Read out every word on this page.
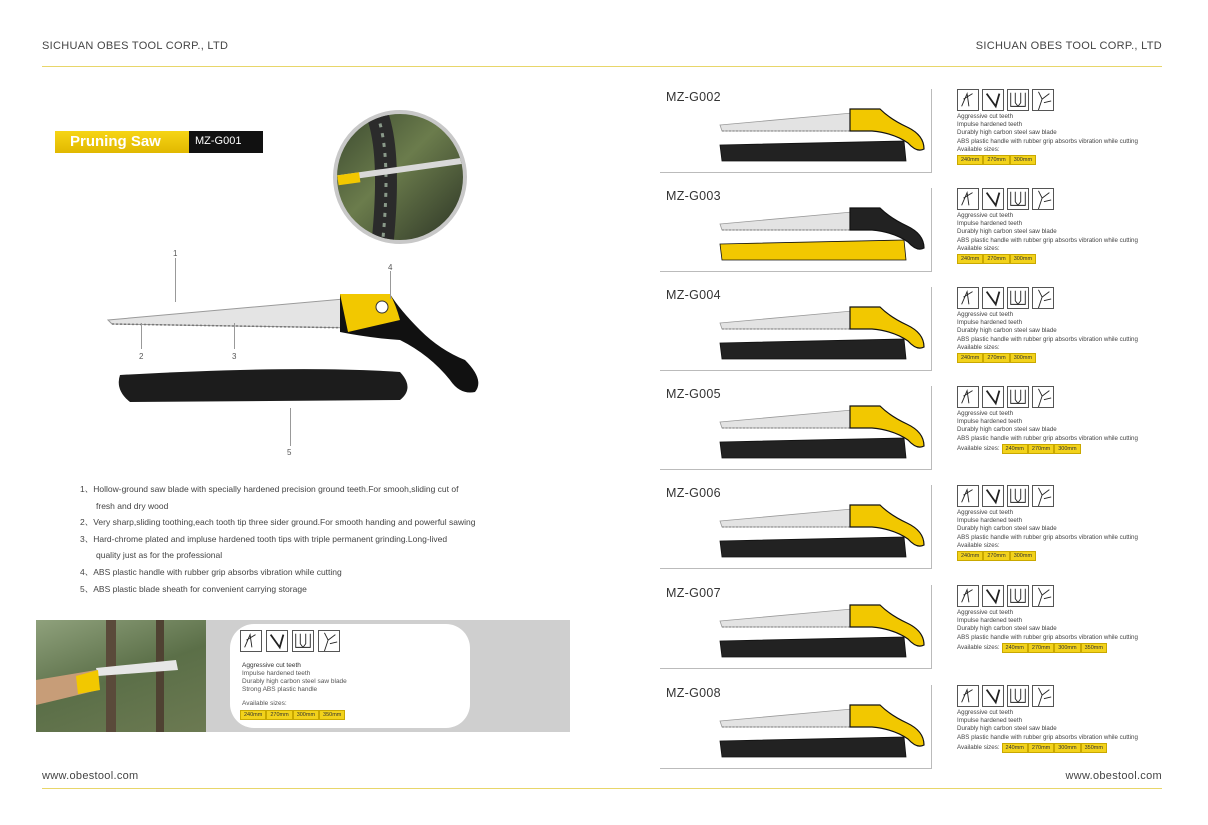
SICHUAN OBES TOOL CORP., LTD	SICHUAN OBES TOOL CORP., LTD
Pruning Saw	MZ-G001
1
2	3
4
5
1、Hollow-ground saw blade with specially hardened precision ground teeth.For smooh,sliding cut of
fresh and dry wood
2、Very sharp,sliding toothing,each tooth tip three sider ground.For smooth handing and powerful sawing
3、Hard-chrome plated and impluse hardened tooth tips with triple permanent grinding.Long-lived
quality just as for the professional
4、ABS plastic handle with rubber grip absorbs vibration while cutting
5、ABS plastic blade sheath for convenient carrying storage
Aggressive cut teeth
Impulse hardened teeth
Durably high carbon steel saw blade
Strong ABS plastic handle
Available sizes:
240mm	270mm	300mm	350mm
MZ-G002
Aggressive cut teeth
Impulse hardened teeth
Durably high carbon steel saw blade
ABS plastic handle with rubber grip absorbs vibration while cutting
Available sizes:
240mm	270mm	300mm
MZ-G003
Aggressive cut teeth
Impulse hardened teeth
Durably high carbon steel saw blade
ABS plastic handle with rubber grip absorbs vibration while cutting
Available sizes:
240mm	270mm	300mm
MZ-G004
Aggressive cut teeth
Impulse hardened teeth
Durably high carbon steel saw blade
ABS plastic handle with rubber grip absorbs vibration while cutting
Available sizes:
240mm	270mm	300mm
MZ-G005
Aggressive cut teeth
Impulse hardened teeth
Durably high carbon steel saw blade
ABS plastic handle with rubber grip absorbs vibration while cutting
Available sizes:	240mm	270mm	300mm
MZ-G006
Aggressive cut teeth
Impulse hardened teeth
Durably high carbon steel saw blade
ABS plastic handle with rubber grip absorbs vibration while cutting
Available sizes:
240mm	270mm	300mm
MZ-G007
Aggressive cut teeth
Impulse hardened teeth
Durably high carbon steel saw blade
ABS plastic handle with rubber grip absorbs vibration while cutting
Available sizes:	240mm	270mm	300mm	350mm
MZ-G008
Aggressive cut teeth
Impulse hardened teeth
Durably high carbon steel saw blade
ABS plastic handle with rubber grip absorbs vibration while cutting
Available sizes:	240mm	270mm	300mm	350mm
www.obestool.com	www.obestool.com
